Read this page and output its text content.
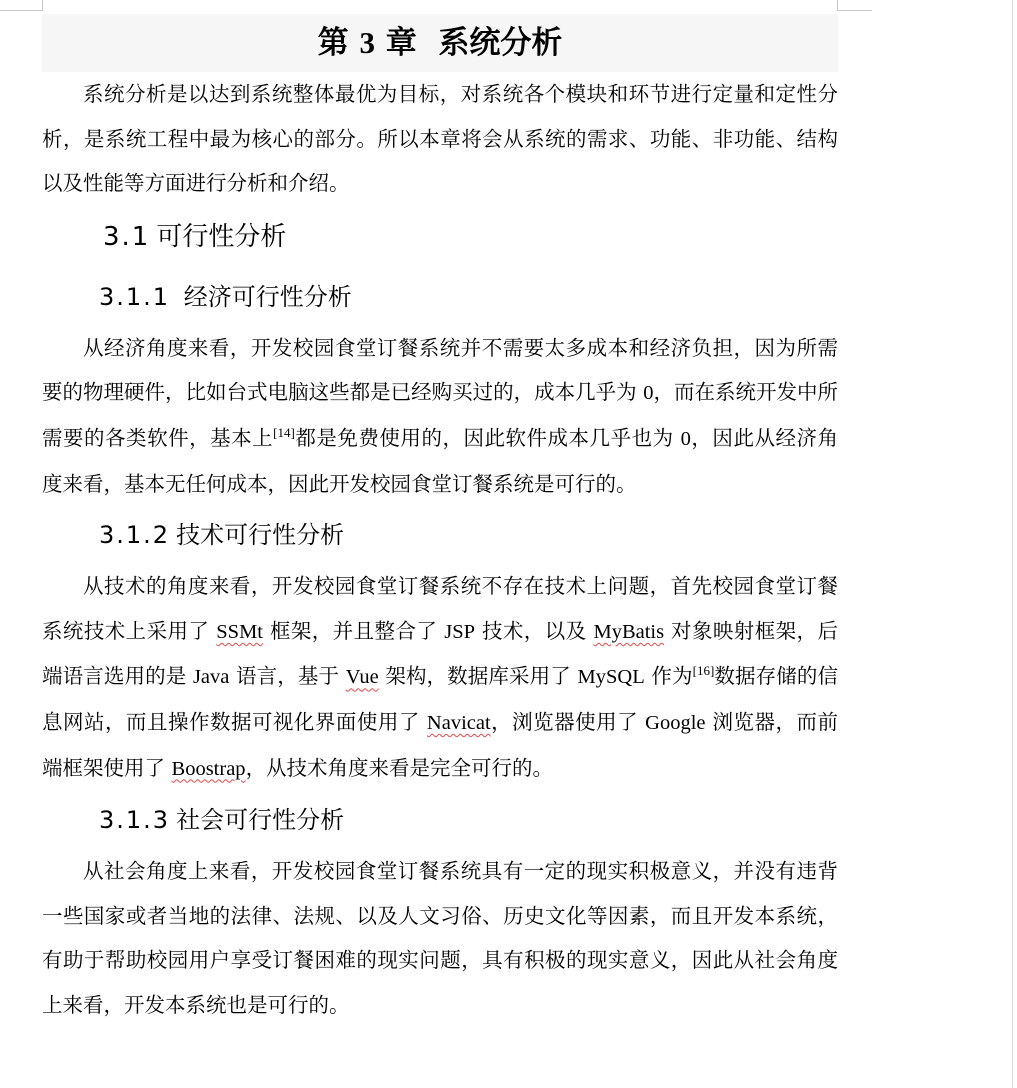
第 3 章 系统分析

系统分析是以达到系统整体最优为目标，对系统各个模块和环节进行定量和定性分析，是系统工程中最为核心的部分。所以本章将会从系统的需求、功能、非功能、结构以及性能等方面进行分析和介绍。

3.1 可行性分析
3.1.1 经济可行性分析

从经济角度来看，开发校园食堂订餐系统并不需要太多成本和经济负担，因为所需要的物理硬件，比如台式电脑这些都是已经购买过的，成本几乎为 0，而在系统开发中所需要的各类软件，基本上[14]都是免费使用的，因此软件成本几乎也为 0，因此从经济角度来看，基本无任何成本，因此开发校园食堂订餐系统是可行的。

3.1.2 技术可行性分析

从技术的角度来看，开发校园食堂订餐系统不存在技术上问题，首先校园食堂订餐系统技术上采用了 SSMt 框架，并且整合了 JSP 技术，以及 MyBatis 对象映射框架，后端语言选用的是 Java 语言，基于 Vue 架构，数据库采用了 MySQL 作为[16]数据存储的信息网站，而且操作数据可视化界面使用了 Navicat，浏览器使用了 Google 浏览器，而前端框架使用了 Boostrap，从技术角度来看是完全可行的。

3.1.3 社会可行性分析

从社会角度上来看，开发校园食堂订餐系统具有一定的现实积极意义，并没有违背一些国家或者当地的法律、法规、以及人文习俗、历史文化等因素，而且开发本系统，有助于帮助校园用户享受订餐困难的现实问题，具有积极的现实意义，因此从社会角度上来看，开发本系统也是可行的。
